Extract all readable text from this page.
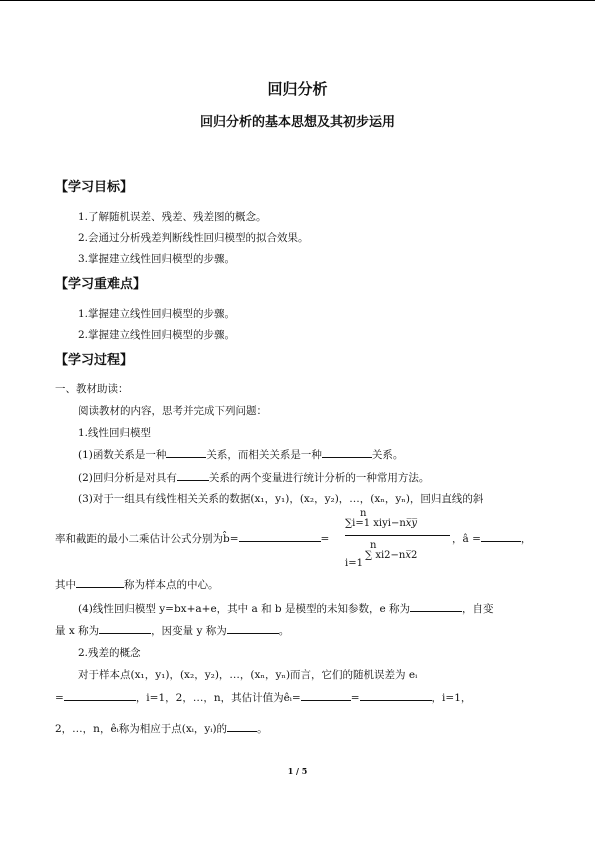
回归分析
回归分析的基本思想及其初步运用
【学习目标】
1.了解随机误差、残差、残差图的概念。
2.会通过分析残差判断线性回归模型的拟合效果。
3.掌握建立线性回归模型的步骤。
【学习重难点】
1.掌握建立线性回归模型的步骤。
2.掌握建立线性回归模型的步骤。
【学习过程】
一、教材助读：
阅读教材的内容，思考并完成下列问题：
1.线性回归模型
(1)函数关系是一种	关系，而相关关系是一种	关系。
(2)回归分析是对具有	关系的两个变量进行统计分析的一种常用方法。
(3)对于一组具有线性相关关系的数据(x₁，y₁)，(x₂，y₂)，…，(xₙ，yₙ)，回归直线的斜
率和截距的最小二乘估计公式分别为b̂=	=
n
∑i=1 xiyi−n𝑥̅𝑦̅
n
∑ xi2−n𝑥̅2
i=1
，â =	，
其中	称为样本点的中心。
(4)线性回归模型 y=bx+a+e，其中 a 和 b 是模型的未知参数，e 称为	，自变
量 x 称为	，因变量 y 称为	。
2.残差的概念
对于样本点(x₁，y₁)，(x₂，y₂)，…，(xₙ，yₙ)而言，它们的随机误差为 eᵢ
=	，i=1，2，…，n，其估计值为êᵢ=	=	，i=1，
2，…，n，êᵢ称为相应于点(xᵢ，yᵢ)的	。
1 / 5
